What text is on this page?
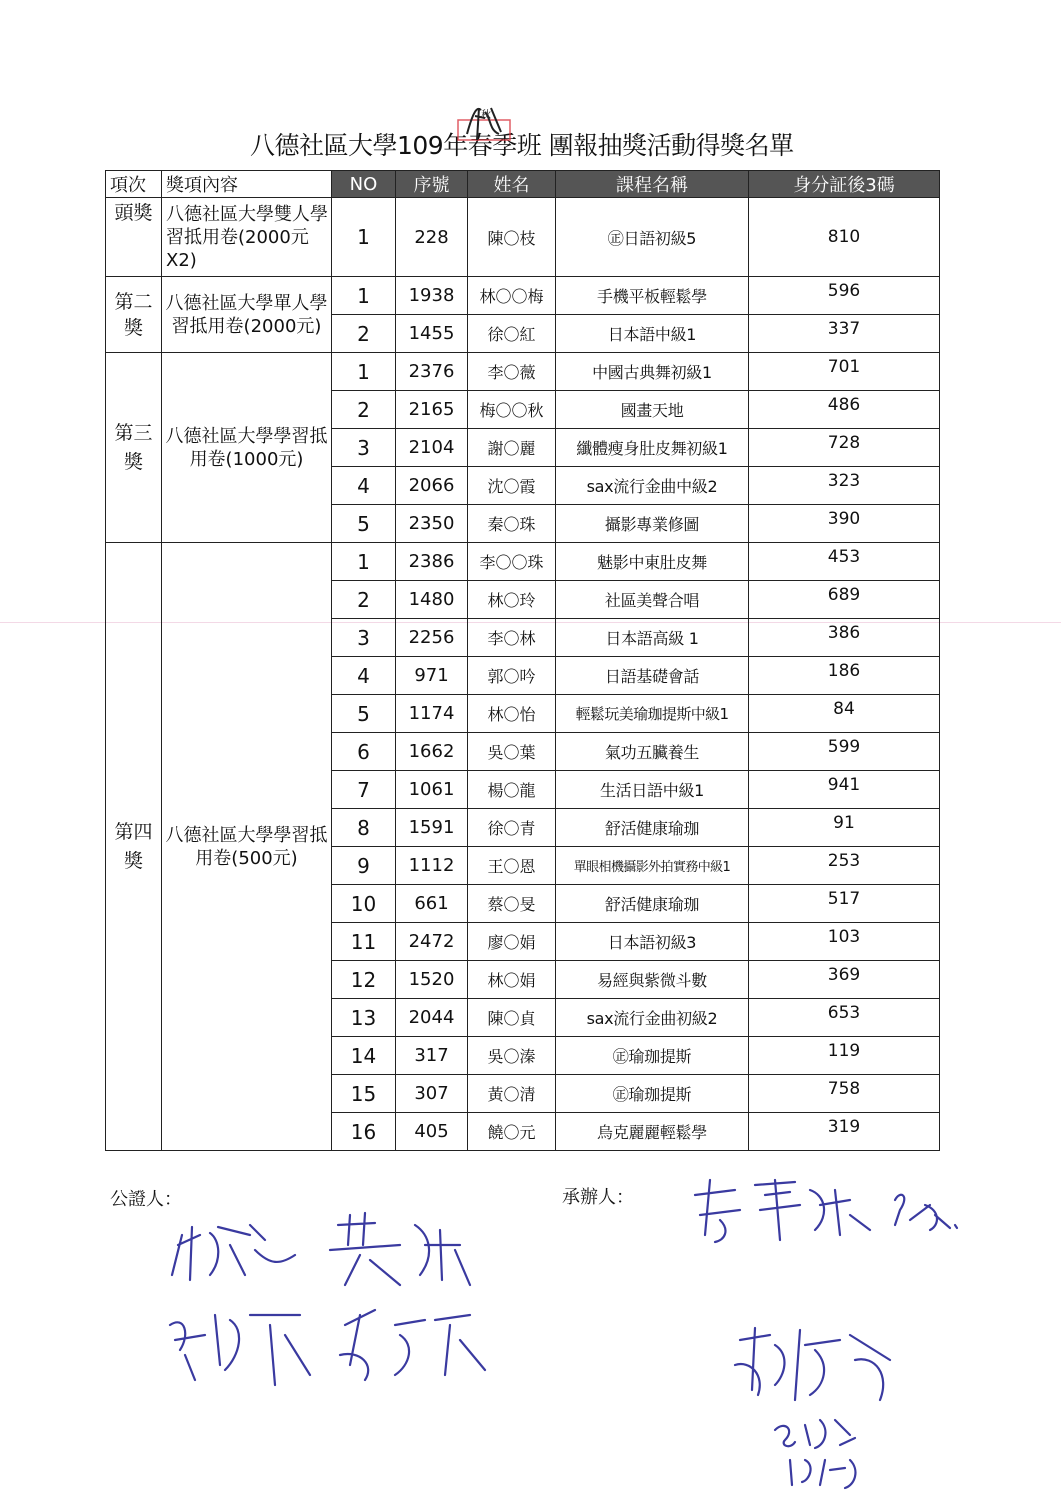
八德社區大學109年春季班 團報抽獎活動得獎名單
秋
項次	獎項內容	NO	序號	姓名	課程名稱	身分証後3碼
頭獎	八德社區大學雙人學習抵用卷(2000元X2)	1	228	陳〇枝	㊣日語初級5	810
第二獎	八德社區大學單人學習抵用卷(2000元)	1	1938	林〇〇梅	手機平板輕鬆學	596
		2	1455	徐〇紅	日本語中級1	337
第三獎	八德社區大學學習抵用卷(1000元)	1	2376	李〇薇	中國古典舞初級1	701
		2	2165	梅〇〇秋	國畫天地	486
		3	2104	謝〇麗	纖體瘦身肚皮舞初級1	728
		4	2066	沈〇霞	sax流行金曲中級2	323
		5	2350	秦〇珠	攝影專業修圖	390
第四獎	八德社區大學學習抵用卷(500元)	1	2386	李〇〇珠	魅影中東肚皮舞	453
		2	1480	林〇玲	社區美聲合唱	689
		3	2256	李〇林	日本語高級 1	386
		4	971	郭〇吟	日語基礎會話	186
		5	1174	林〇怡	輕鬆玩美瑜珈提斯中級1	84
		6	1662	吳〇葉	氣功五臟養生	599
		7	1061	楊〇龍	生活日語中級1	941
		8	1591	徐〇青	舒活健康瑜珈	91
		9	1112	王〇恩	單眼相機攝影外拍實務中級1	253
		10	661	蔡〇旻	舒活健康瑜珈	517
		11	2472	廖〇娟	日本語初級3	103
		12	1520	林〇娟	易經與紫微斗數	369
		13	2044	陳〇貞	sax流行金曲初級2	653
		14	317	吳〇溱	㊣瑜珈提斯	119
		15	307	黃〇清	㊣瑜珈提斯	758
		16	405	饒〇元	烏克麗麗輕鬆學	319
公證人：	承辦人：
